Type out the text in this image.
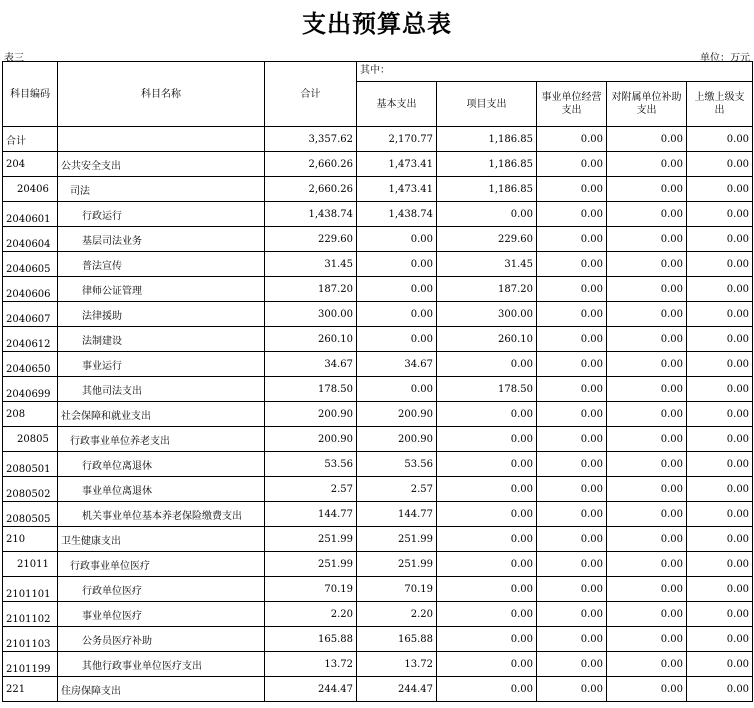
支出预算总表
表三	单位：万元
科目编码	科目名称	合计	其中：				
			基本支出	项目支出	事业单位经营支出	对附属单位补助支出	上缴上级支出
合计		3,357.62	2,170.77	1,186.85	0.00	0.00	0.00
204	公共安全支出	2,660.26	1,473.41	1,186.85	0.00	0.00	0.00
20406	司法	2,660.26	1,473.41	1,186.85	0.00	0.00	0.00
2040601	行政运行	1,438.74	1,438.74	0.00	0.00	0.00	0.00
2040604	基层司法业务	229.60	0.00	229.60	0.00	0.00	0.00
2040605	普法宣传	31.45	0.00	31.45	0.00	0.00	0.00
2040606	律师公证管理	187.20	0.00	187.20	0.00	0.00	0.00
2040607	法律援助	300.00	0.00	300.00	0.00	0.00	0.00
2040612	法制建设	260.10	0.00	260.10	0.00	0.00	0.00
2040650	事业运行	34.67	34.67	0.00	0.00	0.00	0.00
2040699	其他司法支出	178.50	0.00	178.50	0.00	0.00	0.00
208	社会保障和就业支出	200.90	200.90	0.00	0.00	0.00	0.00
20805	行政事业单位养老支出	200.90	200.90	0.00	0.00	0.00	0.00
2080501	行政单位离退休	53.56	53.56	0.00	0.00	0.00	0.00
2080502	事业单位离退休	2.57	2.57	0.00	0.00	0.00	0.00
2080505	机关事业单位基本养老保险缴费支出	144.77	144.77	0.00	0.00	0.00	0.00
210	卫生健康支出	251.99	251.99	0.00	0.00	0.00	0.00
21011	行政事业单位医疗	251.99	251.99	0.00	0.00	0.00	0.00
2101101	行政单位医疗	70.19	70.19	0.00	0.00	0.00	0.00
2101102	事业单位医疗	2.20	2.20	0.00	0.00	0.00	0.00
2101103	公务员医疗补助	165.88	165.88	0.00	0.00	0.00	0.00
2101199	其他行政事业单位医疗支出	13.72	13.72	0.00	0.00	0.00	0.00
221	住房保障支出	244.47	244.47	0.00	0.00	0.00	0.00
